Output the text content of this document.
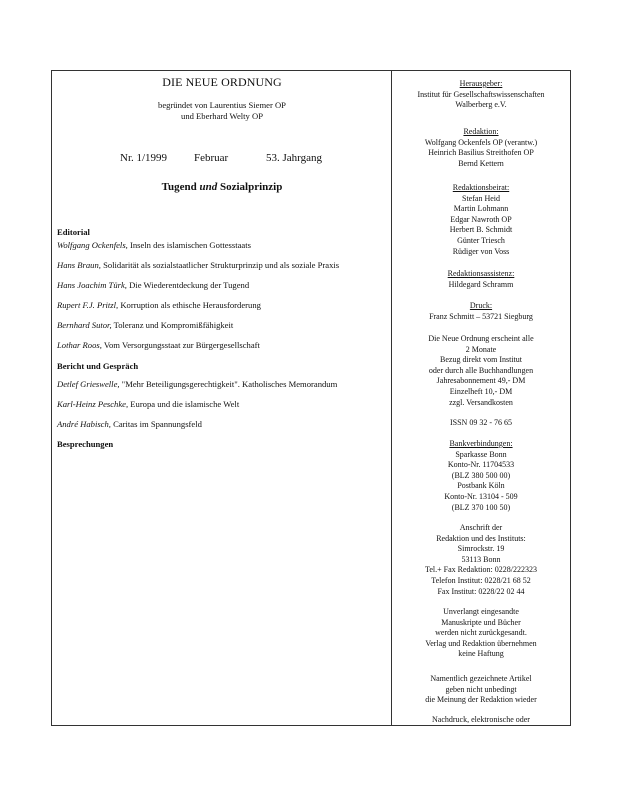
DIE NEUE ORDNUNG
begründet von Laurentius Siemer OP
und Eberhard Welty OP
Nr. 1/1999 Februar	53. Jahrgang
Tugend und Sozialprinzip
Editorial
Wolfgang Ockenfels, Inseln des islamischen Gottesstaats
Hans Braun, Solidarität als sozialstaatlicher Strukturprinzip und als soziale Praxis
Hans Joachim Türk, Die Wiederentdeckung der Tugend
Rupert F.J. Pritzl, Korruption als ethische Herausforderung
Bernhard Sutor, Toleranz und Kompromißfähigkeit
Lothar Roos, Vom Versorgungsstaat zur Bürgergesellschaft
Bericht und Gespräch
Detlef Grieswelle, "Mehr Beteiligungsgerechtigkeit". Katholisches Memorandum
Karl-Heinz Peschke, Europa und die islamische Welt
André Habisch, Caritas im Spannungsfeld
Besprechungen
Herausgeber:
Institut für Gesellschaftswissenschaften
Walberberg e.V.
Redaktion:
Wolfgang Ockenfels OP (verantw.)
Heinrich Basilius Streithofen OP
Bernd Kettern
Redaktionsbeirat:
Stefan Heid
Martin Lohmann
Edgar Nawroth OP
Herbert B. Schmidt
Günter Triesch
Rüdiger von Voss
Redaktionsassistenz:
Hildegard Schramm
Druck:
Franz Schmitt – 53721 Siegburg
Die Neue Ordnung erscheint alle
2 Monate
Bezug direkt vom Institut
oder durch alle Buchhandlungen
Jahresabonnement 49,- DM
Einzelheft 10,- DM
zzgl. Versandkosten
ISSN 09 32 - 76 65
Bankverbindungen:
Sparkasse Bonn
Konto-Nr. 11704533
(BLZ 380 500 00)
Postbank Köln
Konto-Nr. 13104 - 509
(BLZ 370 100 50)
Anschrift der
Redaktion und des Instituts:
Simrockstr. 19
53113 Bonn
Tel.+ Fax Redaktion: 0228/222323
Telefon Institut: 0228/21 68 52
Fax Institut: 0228/22 02 44
Unverlangt eingesandte
Manuskripte und Bücher
werden nicht zurückgesandt.
Verlag und Redaktion übernehmen
keine Haftung
Namentlich gezeichnete Artikel
geben nicht unbedingt
die Meinung der Redaktion wieder
Nachdruck, elektronische oder
